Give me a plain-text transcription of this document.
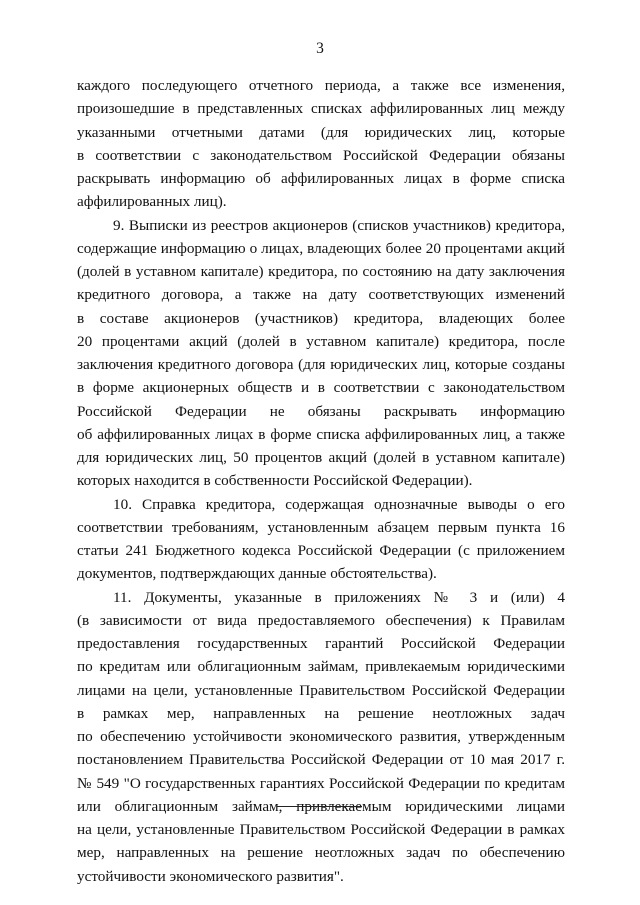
3
каждого последующего отчетного периода, а также все изменения,
произошедшие в представленных списках аффилированных лиц между
указанными отчетными датами (для юридических лиц, которые
в соответствии с законодательством Российской Федерации обязаны
раскрывать информацию об аффилированных лицах в форме списка
аффилированных лиц).
9. Выписки из реестров акционеров (списков участников) кредитора,
содержащие информацию о лицах, владеющих более 20 процентами акций
(долей в уставном капитале) кредитора, по состоянию на дату заключения
кредитного договора, а также на дату соответствующих изменений
в составе акционеров (участников) кредитора, владеющих более
20 процентами акций (долей в уставном капитале) кредитора, после
заключения кредитного договора (для юридических лиц, которые созданы
в форме акционерных обществ и в соответствии с законодательством
Российской Федерации не обязаны раскрывать информацию
об аффилированных лицах в форме списка аффилированных лиц, а также
для юридических лиц, 50 процентов акций (долей в уставном капитале)
которых находится в собственности Российской Федерации).
10. Справка кредитора, содержащая однозначные выводы о его
соответствии требованиям, установленным абзацем первым пункта 16
статьи 241 Бюджетного кодекса Российской Федерации (с приложением
документов, подтверждающих данные обстоятельства).
11. Документы, указанные в приложениях № 3 и (или) 4
(в зависимости от вида предоставляемого обеспечения) к Правилам
предоставления государственных гарантий Российской Федерации
по кредитам или облигационным займам, привлекаемым юридическими
лицами на цели, установленные Правительством Российской Федерации
в рамках мер, направленных на решение неотложных задач
по обеспечению устойчивости экономического развития, утвержденным
постановлением Правительства Российской Федерации от 10 мая 2017 г.
№ 549 "О государственных гарантиях Российской Федерации по кредитам
или облигационным займам, привлекаемым юридическими лицами
на цели, установленные Правительством Российской Федерации в рамках
мер, направленных на решение неотложных задач по обеспечению
устойчивости экономического развития".
